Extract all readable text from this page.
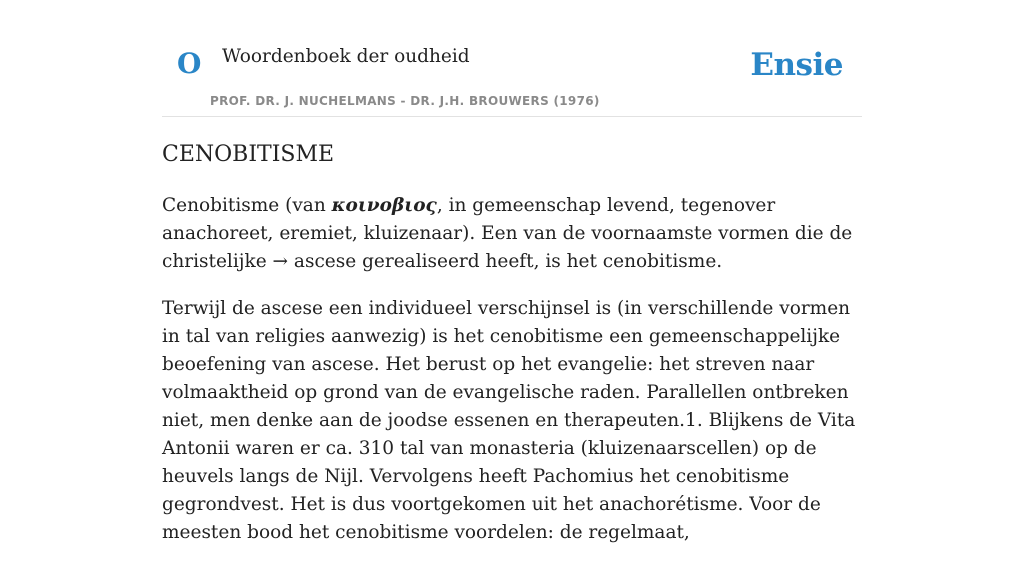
O Woordenboek der oudheid
PROF. DR. J. NUCHELMANS - DR. J.H. BROUWERS (1976)
Ensie
CENOBITISME

Cenobitisme (van κοινοβιος, in gemeenschap levend, tegenover anachoreet, eremiet, kluizenaar). Een van de voornaamste vormen die de christelijke → ascese gerealiseerd heeft, is het cenobitisme.

Terwijl de ascese een individueel verschijnsel is (in verschillende vormen in tal van religies aanwezig) is het cenobitisme een gemeenschappelijke beoefening van ascese. Het berust op het evangelie: het streven naar volmaaktheid op grond van de evangelische raden. Parallellen ontbreken niet, men denke aan de joodse essenen en therapeuten.1. Blijkens de Vita Antonii waren er ca. 310 tal van monasteria (kluizenaarscellen) op de heuvels langs de Nijl. Vervolgens heeft Pachomius het cenobitisme gegrondvest. Het is dus voortgekomen uit het anachorétisme. Voor de meesten bood het cenobitisme voordelen: de regelmaat,
